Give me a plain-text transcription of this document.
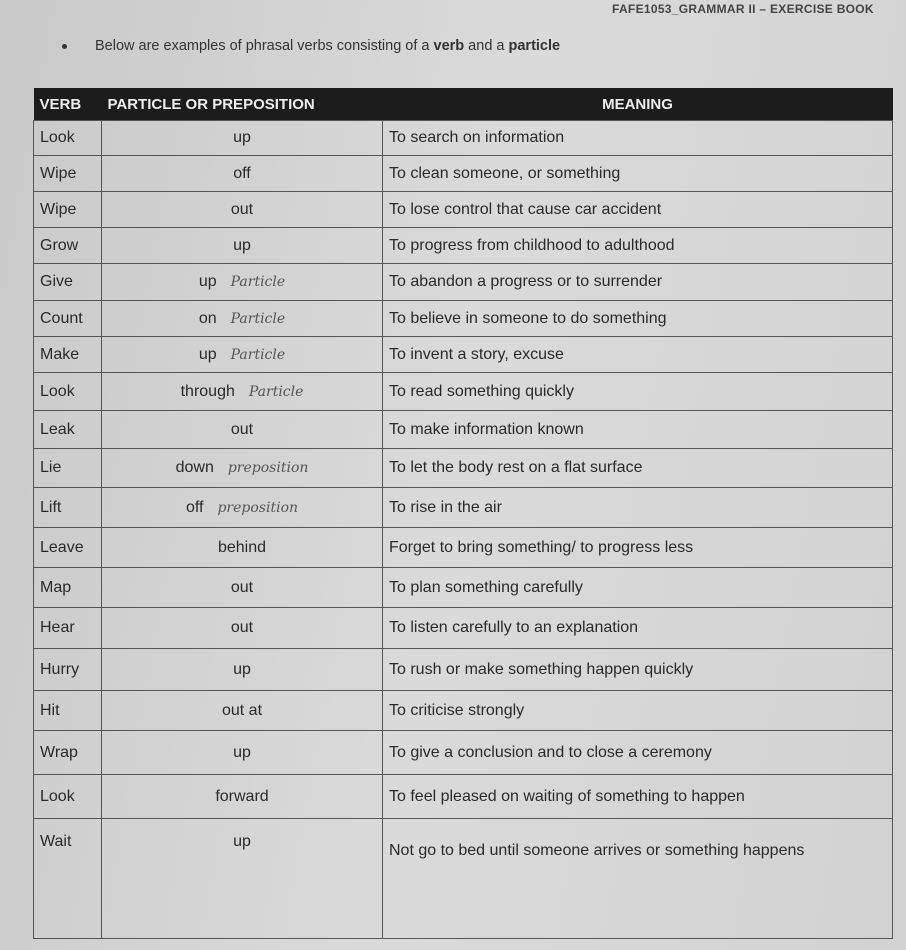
FAFE1053_GRAMMAR II – EXERCISE BOOK
Below are examples of phrasal verbs consisting of a verb and a particle
VERB	PARTICLE OR PREPOSITION	MEANING
Look	up	To search on information
Wipe	off	To clean someone, or something
Wipe	out	To lose control that cause car accident
Grow	up	To progress from childhood to adulthood
Give	up Particle	To abandon a progress or to surrender
Count	on Particle	To believe in someone to do something
Make	up Particle	To invent a story, excuse
Look	through Particle	To read something quickly
Leak	out	To make information known
Lie	down preposition	To let the body rest on a flat surface
Lift	off preposition	To rise in the air
Leave	behind	Forget to bring something/ to progress less
Map	out	To plan something carefully
Hear	out	To listen carefully to an explanation
Hurry	up	To rush or make something happen quickly
Hit	out at	To criticise strongly
Wrap	up	To give a conclusion and to close a ceremony
Look	forward	To feel pleased on waiting of something to happen
Wait	up	Not go to bed until someone arrives or something happens
